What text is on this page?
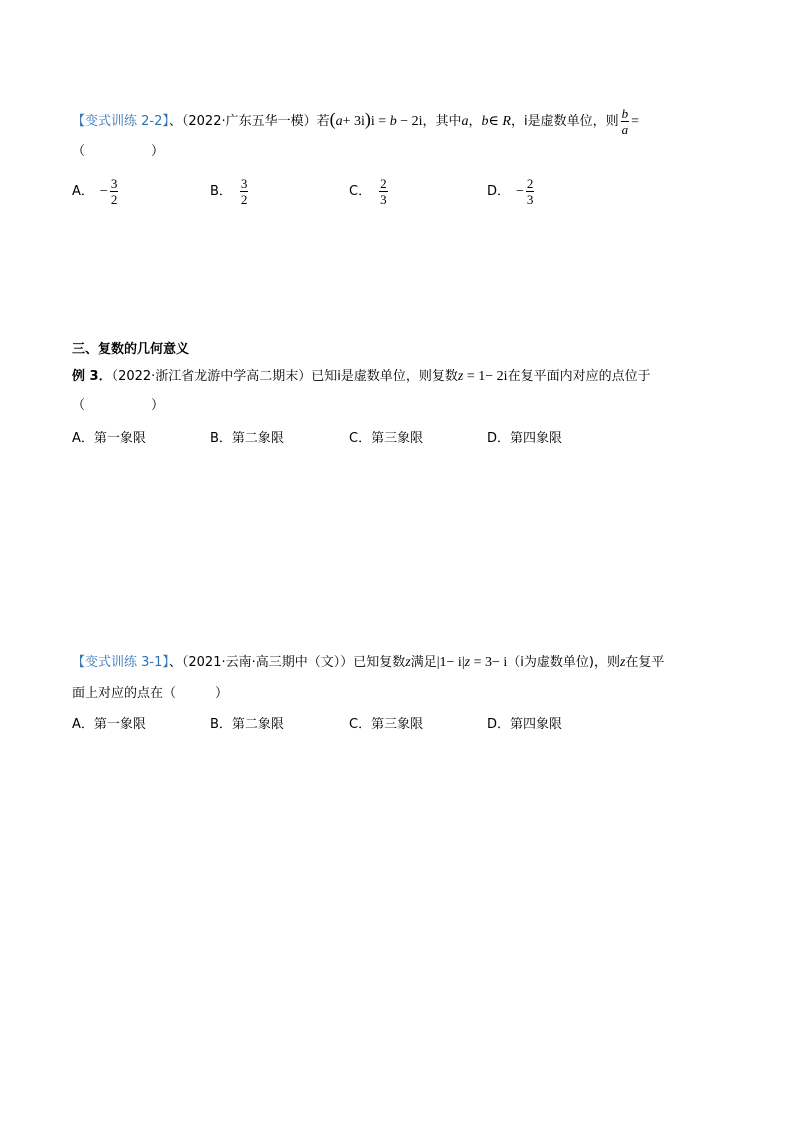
【变式训练 2-2】、（2022·广东五华一模）若(a+ 3i)i = b − 2i，其中a，b∈ R，i是虚数单位，则 $\frac{b}{a}$ =
（	）
A． − $\frac{3}{2}$	B． $\frac{3}{2}$	C． $\frac{2}{3}$	D． − $\frac{2}{3}$
三、复数的几何意义
例 3．（2022·浙江省龙游中学高二期末）已知i是虚数单位，则复数z = 1− 2i在复平面内对应的点位于
（	）
A．第一象限	B．第二象限	C．第三象限	D．第四象限
【变式训练 3-1】、（2021·云南·高三期中（文））已知复数z满足|1− i|z = 3− i（i为虚数单位)，则z在复平
面上对应的点在（　　　）
A．第一象限	B．第二象限	C．第三象限	D．第四象限
